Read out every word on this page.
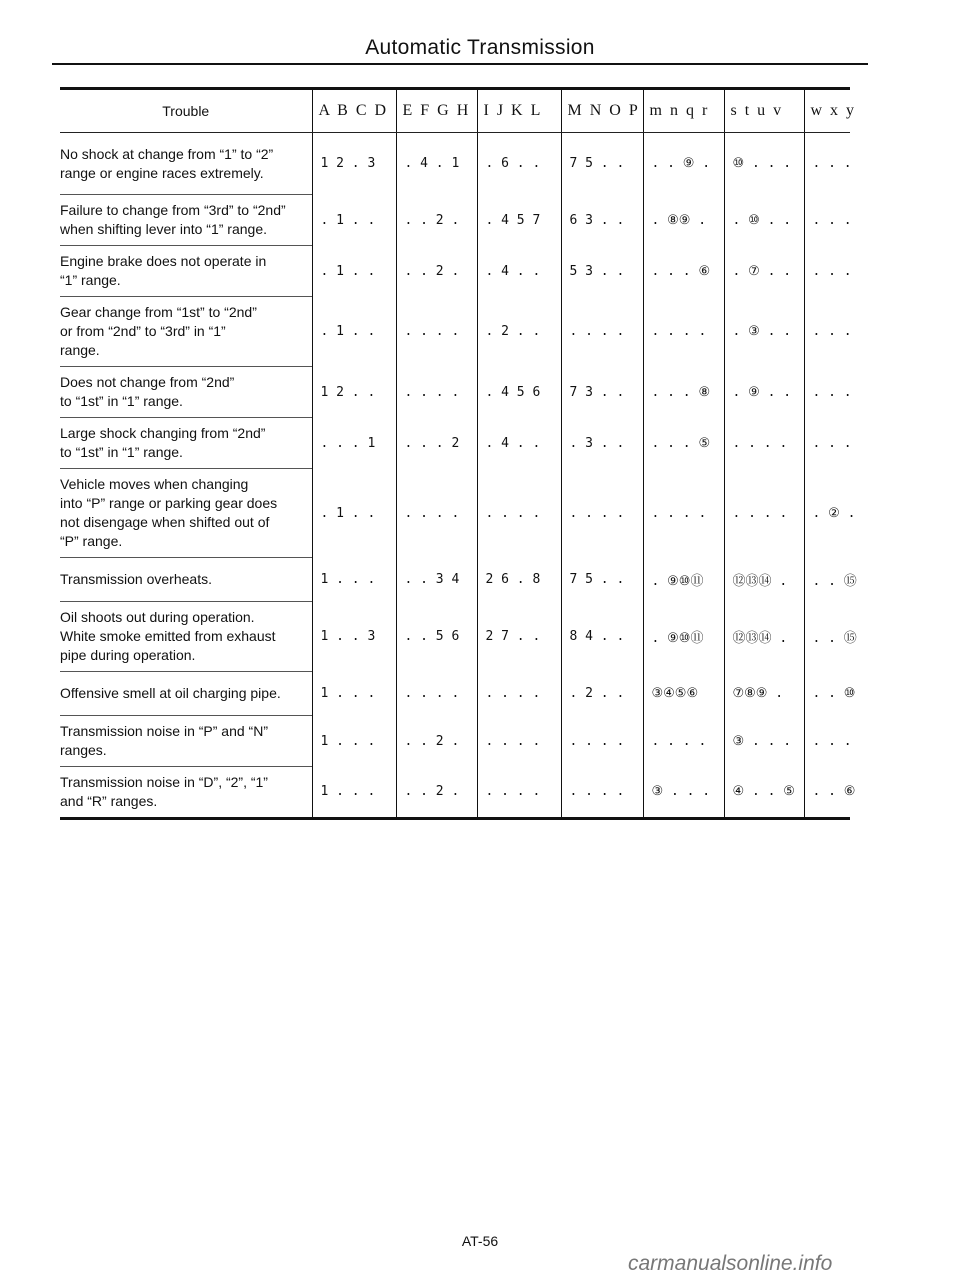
Automatic Transmission
Trouble	A B C D	E F G H	I J K L	M N O P	m n q r	s t u v	w x y

No shock at change from “1” to “2”
range or engine races extremely.	1 2 . 3	. 4 . 1	. 6 . .	7 5 . .	. . ⑨ .	⑩ . . .	. . .

Failure to change from “3rd” to “2nd”
when shifting lever into “1” range.	. 1 . .	. . 2 .	. 4 5 7	6 3 . .	. ⑧⑨ .	. ⑩ . .	. . .

Engine brake does not operate in
“1” range.	. 1 . .	. . 2 .	. 4 . .	5 3 . .	. . . ⑥	. ⑦ . .	. . .

Gear change from “1st” to “2nd”
or from “2nd” to “3rd” in “1”
range.	. 1 . .	. . . .	. 2 . .	. . . .	. . . .	. ③ . .	. . .

Does not change from “2nd”
to “1st” in “1” range.	1 2 . .	. . . .	. 4 5 6	7 3 . .	. . . ⑧	. ⑨ . .	. . .

Large shock changing from “2nd”
to “1st” in “1” range.	. . . 1	. . . 2	. 4 . .	. 3 . .	. . . ⑤	. . . .	. . .

Vehicle moves when changing
into “P” range or parking gear does
not disengage when shifted out of
“P” range.	. 1 . .	. . . .	. . . .	. . . .	. . . .	. . . .	. ② .

Transmission overheats.	1 . . .	. . 3 4	2 6 . 8	7 5 . .	. ⑨⑩⑪	⑫⑬⑭ .	. . ⑮

Oil shoots out during operation.
White smoke emitted from exhaust
pipe during operation.	1 . . 3	. . 5 6	2 7 . .	8 4 . .	. ⑨⑩⑪	⑫⑬⑭ .	. . ⑮

Offensive smell at oil charging pipe.	1 . . .	. . . .	. . . .	. 2 . .	③④⑤⑥	⑦⑧⑨ .	. . ⑩

Transmission noise in “P” and “N”
ranges.	1 . . .	. . 2 .	. . . .	. . . .	. . . .	③ . . .	. . .

Transmission noise in “D”, “2”, “1”
and “R” ranges.	1 . . .	. . 2 .	. . . .	. . . .	③ . . .	④ . . ⑤	. . ⑥
AT-56
carmanualsonline.info
